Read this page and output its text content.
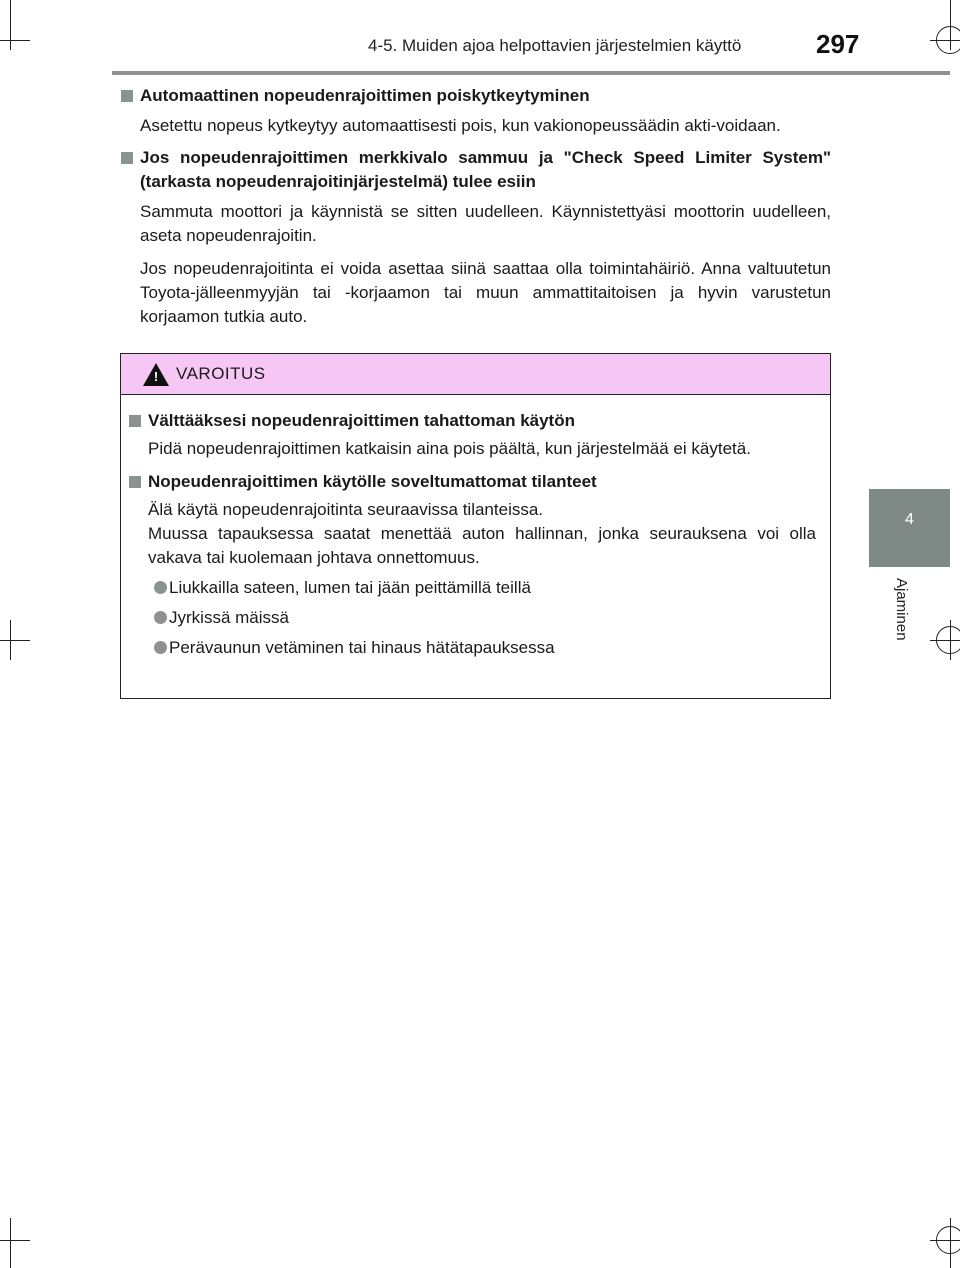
4-5. Muiden ajoa helpottavien järjestelmien käyttö	297
4
Ajaminen
Automaattinen nopeudenrajoittimen poiskytkeytyminen
Asetettu nopeus kytkeytyy automaattisesti pois, kun vakionopeussäädin akti-voidaan.
Jos nopeudenrajoittimen merkkivalo sammuu ja "Check Speed Limiter System" (tarkasta nopeudenrajoitinjärjestelmä) tulee esiin
Sammuta moottori ja käynnistä se sitten uudelleen. Käynnistettyäsi moottorin uudelleen, aseta nopeudenrajoitin.
Jos nopeudenrajoitinta ei voida asettaa siinä saattaa olla toimintahäiriö. Anna valtuutetun Toyota-jälleenmyyjän tai -korjaamon tai muun ammattitaitoisen ja hyvin varustetun korjaamon tutkia auto.
! VAROITUS
Välttääksesi nopeudenrajoittimen tahattoman käytön
Pidä nopeudenrajoittimen katkaisin aina pois päältä, kun järjestelmää ei käytetä.
Nopeudenrajoittimen käytölle soveltumattomat tilanteet
Älä käytä nopeudenrajoitinta seuraavissa tilanteissa.
Muussa tapauksessa saatat menettää auton hallinnan, jonka seurauksena voi olla vakava tai kuolemaan johtava onnettomuus.
Liukkailla sateen, lumen tai jään peittämillä teillä
Jyrkissä mäissä
Perävaunun vetäminen tai hinaus hätätapauksessa
